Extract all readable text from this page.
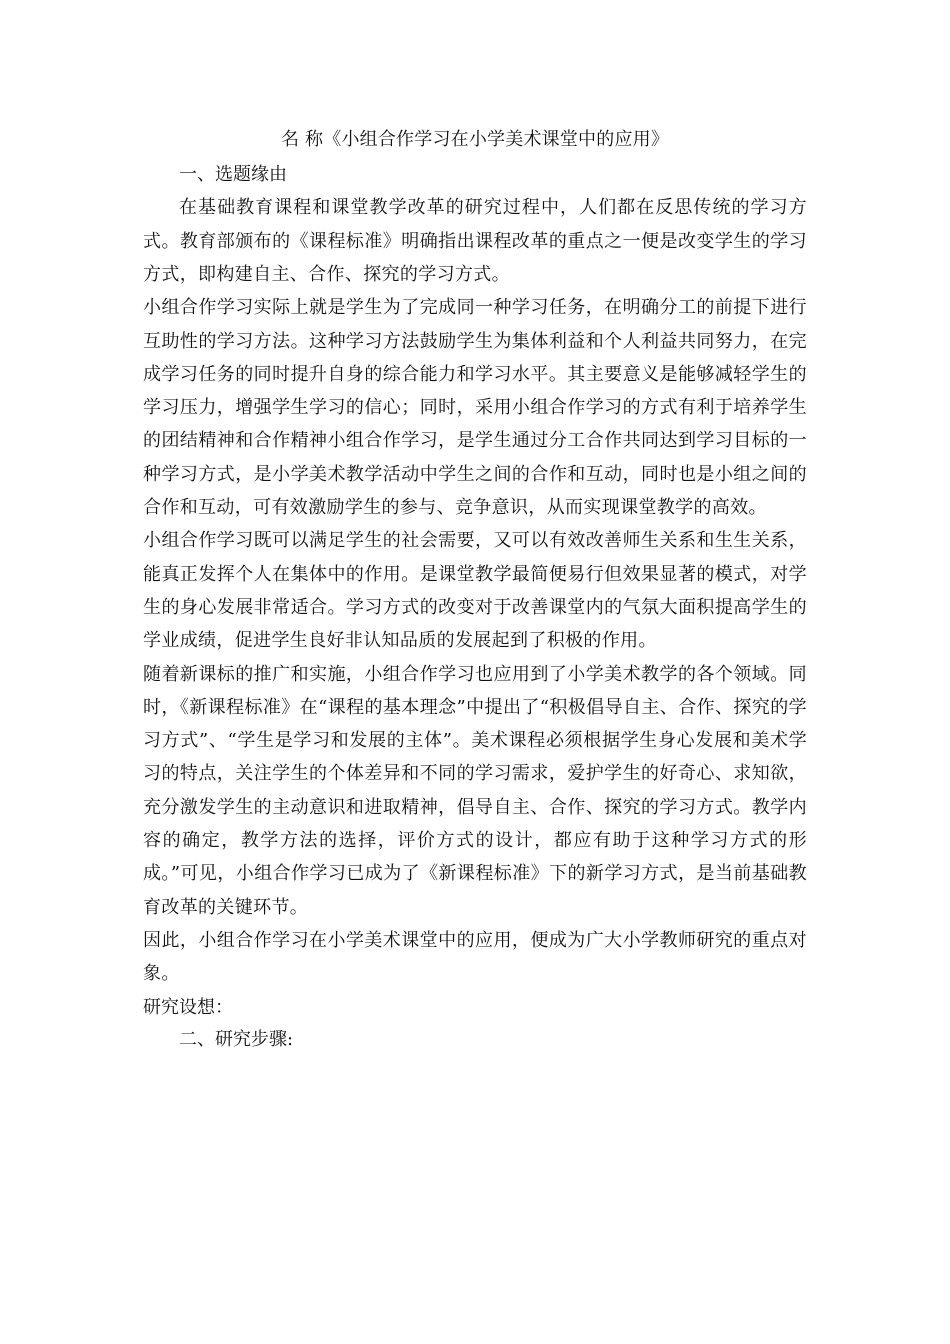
名 称《小组合作学习在小学美术课堂中的应用》

一、选题缘由

在基础教育课程和课堂教学改革的研究过程中，人们都在反思传统的学习方式。教育部颁布的《课程标准》明确指出课程改革的重点之一便是改变学生的学习方式，即构建自主、合作、探究的学习方式。

小组合作学习实际上就是学生为了完成同一种学习任务，在明确分工的前提下进行互助性的学习方法。这种学习方法鼓励学生为集体利益和个人利益共同努力，在完成学习任务的同时提升自身的综合能力和学习水平。其主要意义是能够减轻学生的学习压力，增强学生学习的信心；同时，采用小组合作学习的方式有利于培养学生的团结精神和合作精神小组合作学习，是学生通过分工合作共同达到学习目标的一种学习方式，是小学美术教学活动中学生之间的合作和互动，同时也是小组之间的合作和互动，可有效激励学生的参与、竞争意识，从而实现课堂教学的高效。

小组合作学习既可以满足学生的社会需要，又可以有效改善师生关系和生生关系，能真正发挥个人在集体中的作用。是课堂教学最简便易行但效果显著的模式，对学生的身心发展非常适合。学习方式的改变对于改善课堂内的气氛大面积提高学生的学业成绩，促进学生良好非认知品质的发展起到了积极的作用。

随着新课标的推广和实施，小组合作学习也应用到了小学美术教学的各个领域。同时，《新课程标准》在“课程的基本理念”中提出了“积极倡导自主、合作、探究的学习方式”、“学生是学习和发展的主体”。美术课程必须根据学生身心发展和美术学习的特点，关注学生的个体差异和不同的学习需求，爱护学生的好奇心、求知欲，充分激发学生的主动意识和进取精神，倡导自主、合作、探究的学习方式。教学内容的确定，教学方法的选择，评价方式的设计，都应有助于这种学习方式的形成。”可见，小组合作学习已成为了《新课程标准》下的新学习方式，是当前基础教育改革的关键环节。

因此，小组合作学习在小学美术课堂中的应用，便成为广大小学教师研究的重点对象。

研究设想：

二、研究步骤:
